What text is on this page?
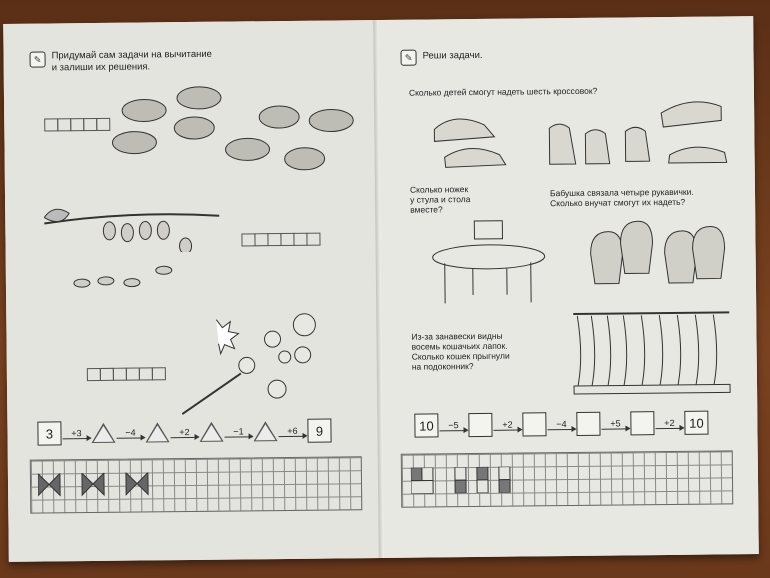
✎	Придумай сам задачи на вычитание
и залиши их решения.
3	+3	−4	+2	−1	+6	9
✎	Реши задачи.
Сколько детей смогут надеть шесть кроссовок?
Сколько ножек
у стула и стола
вместе?
Бабушка связала четыре рукавички.
Сколько внучат смогут их надеть?
Из-за занавески видны
восемь кошачьих лапок.
Сколько кошек прыгнули
на подоконник?
10	−5	+2	−4	+5	+2	10
